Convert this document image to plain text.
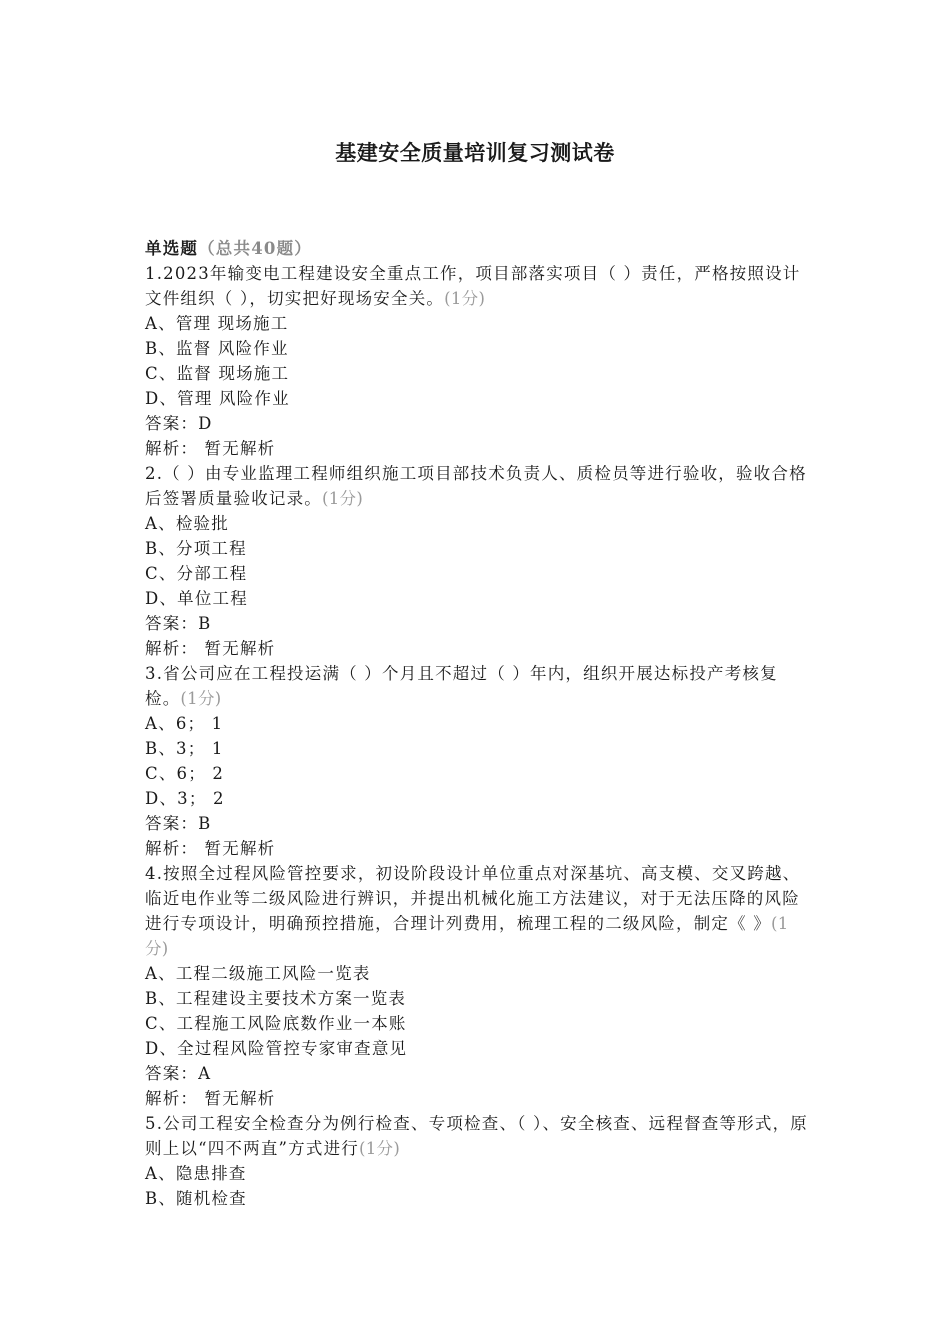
基建安全质量培训复习测试卷
单选题（总共40题）
1.2023年输变电工程建设安全重点工作，项目部落实项目（ ）责任，严格按照设计文件组织（ ），切实把好现场安全关。(1分)
A、管理 现场施工
B、监督 风险作业
C、监督 现场施工
D、管理 风险作业
答案：D
解析： 暂无解析
2.（ ）由专业监理工程师组织施工项目部技术负责人、质检员等进行验收，验收合格后签署质量验收记录。(1分)
A、检验批
B、分项工程
C、分部工程
D、单位工程
答案：B
解析： 暂无解析
3.省公司应在工程投运满（ ）个月且不超过（ ）年内，组织开展达标投产考核复检。(1分)
A、6； 1
B、3； 1
C、6； 2
D、3； 2
答案：B
解析： 暂无解析
4.按照全过程风险管控要求，初设阶段设计单位重点对深基坑、高支模、交叉跨越、临近电作业等二级风险进行辨识，并提出机械化施工方法建议，对于无法压降的风险进行专项设计，明确预控措施，合理计列费用，梳理工程的二级风险，制定《 》(1分)
A、工程二级施工风险一览表
B、工程建设主要技术方案一览表
C、工程施工风险底数作业一本账
D、全过程风险管控专家审查意见
答案：A
解析： 暂无解析
5.公司工程安全检查分为例行检查、专项检查、（ ）、安全核查、远程督查等形式，原则上以“四不两直”方式进行(1分)
A、隐患排查
B、随机检查
